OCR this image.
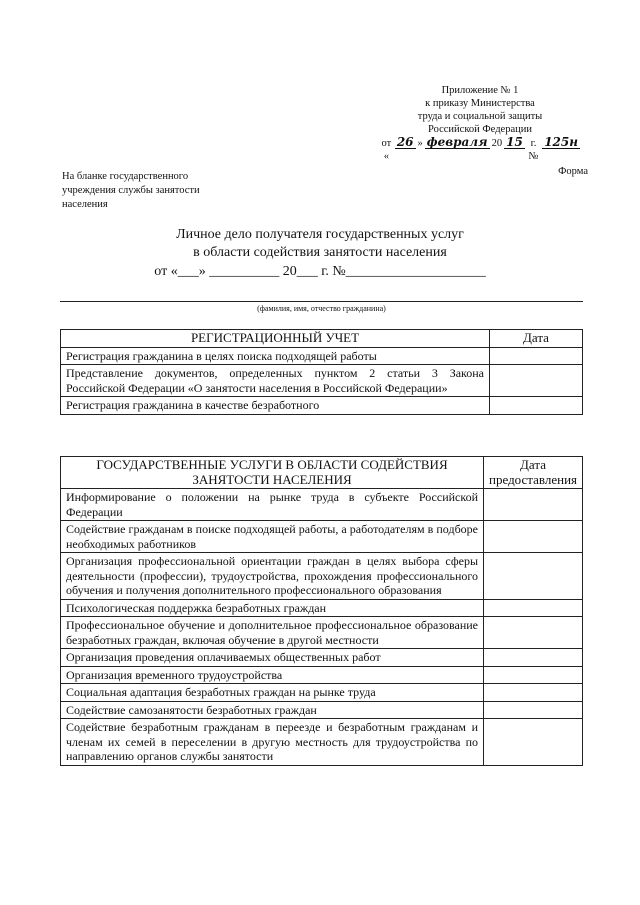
Приложение № 1
к приказу Министерства
труда и социальной защиты
Российской Федерации
от «
26 » февраля 20 15 г. №
125н
Форма
На бланке государственного учреждения службы занятости населения
Личное дело получателя государственных услуг
в области содействия занятости населения
от «___» __________ 20___ г. №____________________
(фамилия, имя, отчество гражданина)
РЕГИСТРАЦИОННЫЙ УЧЕТ	Дата
Регистрация гражданина в целях поиска подходящей работы	
Представление документов, определенных пунктом 2 статьи 3 Закона Российской Федерации «О занятости населения в Российской Федерации»	
Регистрация гражданина в качестве безработного	
ГОСУДАРСТВЕННЫЕ УСЛУГИ В ОБЛАСТИ СОДЕЙСТВИЯ ЗАНЯТОСТИ НАСЕЛЕНИЯ	Дата предоставления
Информирование о положении на рынке труда в субъекте Российской Федерации	
Содействие гражданам в поиске подходящей работы, а работодателям в подборе необходимых работников	
Организация профессиональной ориентации граждан в целях выбора сферы деятельности (профессии), трудоустройства, прохождения профессионального обучения и получения дополнительного профессионального образования	
Психологическая поддержка безработных граждан	
Профессиональное обучение и дополнительное профессиональное образование безработных граждан, включая обучение в другой местности	
Организация проведения оплачиваемых общественных работ	
Организация временного трудоустройства	
Социальная адаптация безработных граждан на рынке труда	
Содействие самозанятости безработных граждан	
Содействие безработным гражданам в переезде и безработным гражданам и членам их семей в переселении в другую местность для трудоустройства по направлению органов службы занятости	
